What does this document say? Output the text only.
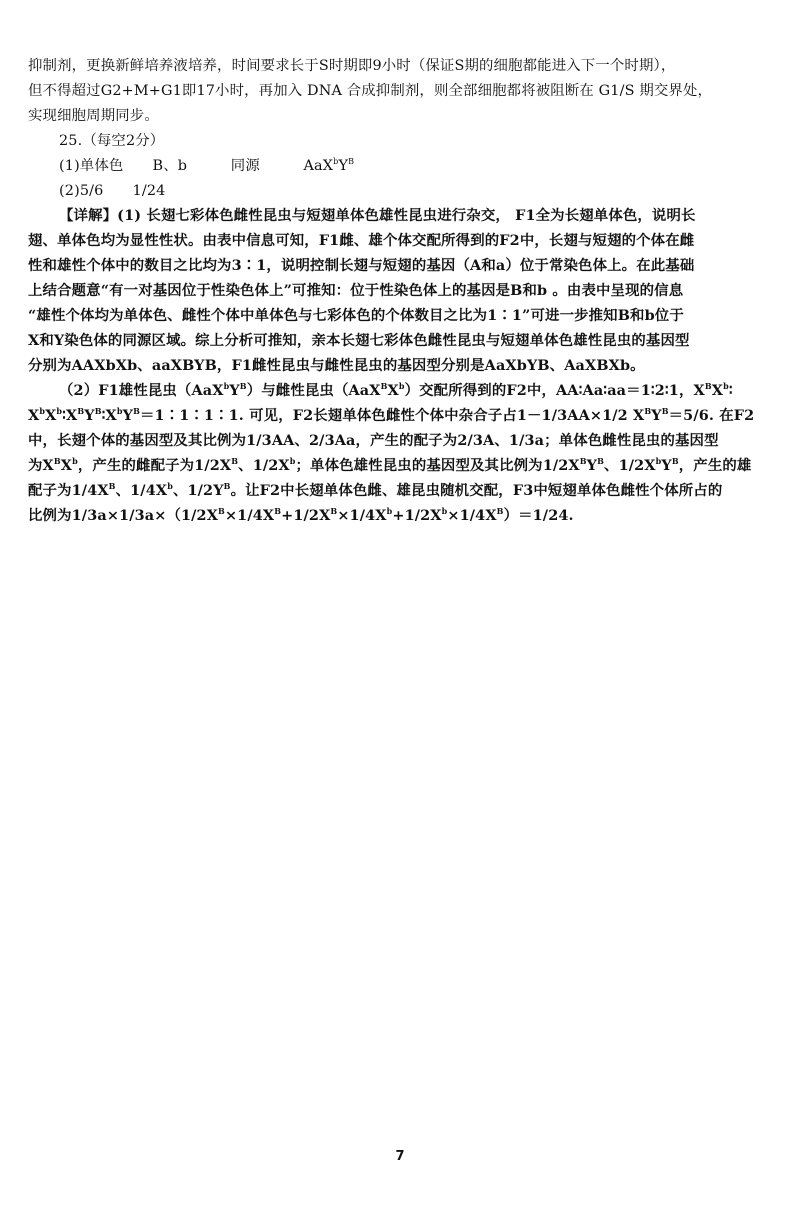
抑制剂，更换新鲜培养液培养，时间要求长于S时期即9小时（保证S期的细胞都能进入下一个时期），
但不得超过G2+M+G1即17小时，再加入 DNA 合成抑制剂，则全部细胞都将被阻断在 G1/S 期交界处，
实现细胞周期同步。
25.（每空2分）
(1)单体色　　B、b　　　同源　　　$AaX^bY^B$
(2)5/6　　1/24
【详解】(1) 长翅七彩体色雌性昆虫与短翅单体色雄性昆虫进行杂交， F1全为长翅单体色，说明长
翅、单体色均为显性性状。由表中信息可知，F1雌、雄个体交配所得到的F2中，长翅与短翅的个体在雌
性和雄性个体中的数目之比均为3∶1，说明控制长翅与短翅的基因（A和a）位于常染色体上。在此基础
上结合题意“有一对基因位于性染色体上”可推知：位于性染色体上的基因是B和b 。由表中呈现的信息
“雄性个体均为单体色、雌性个体中单体色与七彩体色的个体数目之比为1∶1”可进一步推知B和b位于
X和Y染色体的同源区域。综上分析可推知，亲本长翅七彩体色雌性昆虫与短翅单体色雄性昆虫的基因型
分别为AAXbXb、aaXBYB，F1雌性昆虫与雌性昆虫的基因型分别是AaXbYB、AaXBXb。
（2）F1雄性昆虫$(AaX^bY^B)$与雌性昆虫$(AaX^BX^b)$交配所得到的F2中，AA∶Aa∶aa＝1∶2∶1，$X^BX^b∶$
$X^bX^b∶X^BY^B∶X^bY^B=1∶1∶1∶1$. 可见，F2长翅单体色雌性个体中杂合子占1－1/3AA×1/2 $X^BY^B=5/6$. 在F2
中，长翅个体的基因型及其比例为1/3AA、2/3Aa，产生的配子为2/3A、1/3a；单体色雌性昆虫的基因型
为$X^BX^b$，产生的雌配子为$1/2X^B$、$1/2X^b$；单体色雄性昆虫的基因型及其比例为$1/2X^BY^B$、$1/2X^bY^B$，产生的雄
配子为$1/4X^B$、$1/4X^b$、$1/2Y^B$。让F2中长翅单体色雌、雄昆虫随机交配，F3中短翅单体色雌性个体所占的
比例为$1/3a\times 1/3a\times(1/2X^B\times 1/4X^B+1/2X^B\times 1/4X^b+1/2X^b\times 1/4X^B)=1/24$.
7
